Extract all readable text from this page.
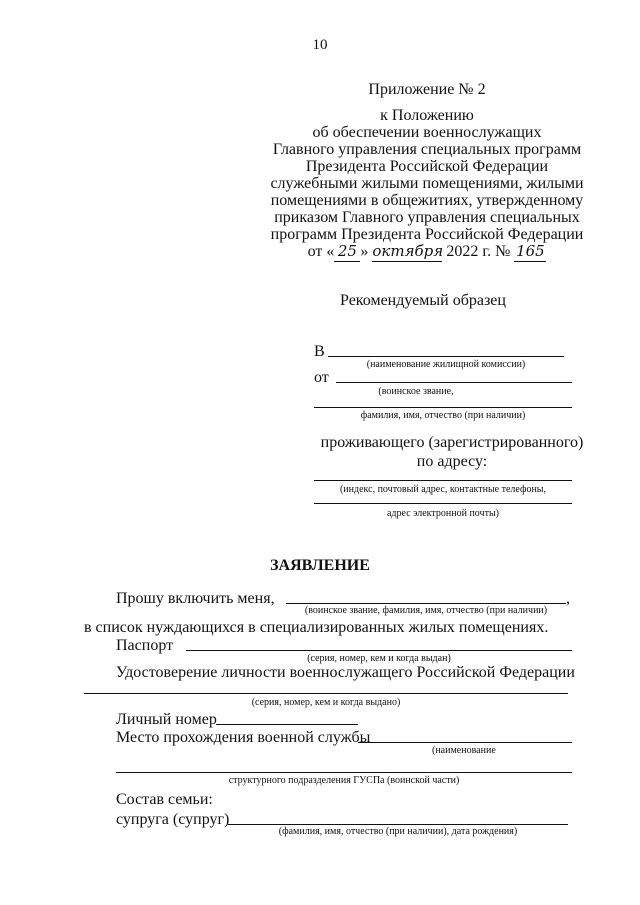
10
Приложение № 2
к Положению
об обеспечении военнослужащих
Главного управления специальных программ
Президента Российской Федерации
служебными жилыми помещениями, жилыми
помещениями в общежитиях, утвержденному
приказом Главного управления специальных
программ Президента Российской Федерации
от « 25 » октября 2022 г. № 165
Рекомендуемый образец
В
(наименование жилищной комиссии)
от
(воинское звание,
фамилия, имя, отчество (при наличии)
проживающего (зарегистрированного)
по адресу:
(индекс, почтовый адрес, контактные телефоны,
адрес электронной почты)
ЗАЯВЛЕНИЕ
Прошу включить меня,	,
(воинское звание, фамилия, имя, отчество (при наличии)
в список нуждающихся в специализированных жилых помещениях.
Паспорт
(серия, номер, кем и когда выдан)
Удостоверение личности военнослужащего Российской Федерации
(серия, номер, кем и когда выдано)
Личный номер
Место прохождения военной службы
(наименование
структурного подразделения ГУСПа (воинской части)
Состав семьи:
супруга (супруг)
(фамилия, имя, отчество (при наличии), дата рождения)
